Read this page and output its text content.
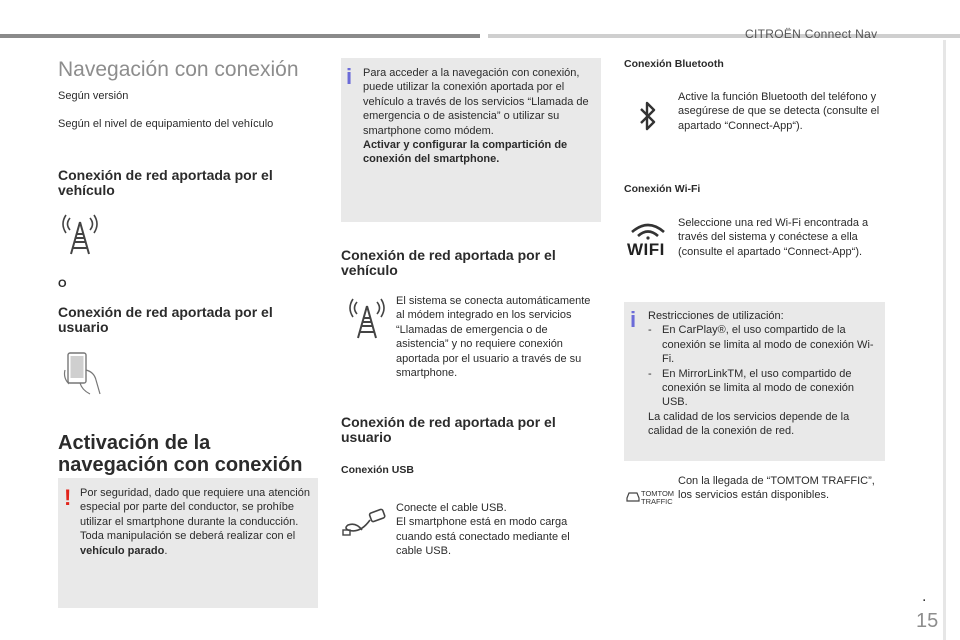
CITROËN Connect Nav
Navegación con conexión
Según versión
Según el nivel de equipamiento del vehículo
Conexión de red aportada por el vehículo
O
Conexión de red aportada por el usuario
Activación de la navegación con conexión
! Por seguridad, dado que requiere una atención especial por parte del conductor, se prohíbe utilizar el smartphone durante la conducción.
Toda manipulación se deberá realizar con el vehículo parado.
i Para acceder a la navegación con conexión, puede utilizar la conexión aportada por el vehículo a través de los servicios “Llamada de emergencia o de asistencia” o utilizar su smartphone como módem.
Activar y configurar la compartición de conexión del smartphone.
Conexión de red aportada por el vehículo
El sistema se conecta automáticamente al módem integrado en los servicios “Llamadas de emergencia o de asistencia” y no requiere conexión aportada por el usuario a través de su smartphone.
Conexión de red aportada por el usuario
Conexión USB
Conecte el cable USB.
El smartphone está en modo carga cuando está conectado mediante el cable USB.
Conexión Bluetooth
Active la función Bluetooth del teléfono y asegúrese de que se detecta (consulte el apartado “Connect-App“).
Conexión Wi-Fi
WIFI
Seleccione una red Wi-Fi encontrada a través del sistema y conéctese a ella (consulte el apartado “Connect-App“).
i Restricciones de utilización:
- En CarPlay®, el uso compartido de la conexión se limita al modo de conexión Wi-Fi.
- En MirrorLinkTM, el uso compartido de conexión se limita al modo de conexión USB.
La calidad de los servicios depende de la calidad de la conexión de red.
TOMTOM
TRAFFIC
Con la llegada de “TOMTOM TRAFFIC”, los servicios están disponibles.
.
15
